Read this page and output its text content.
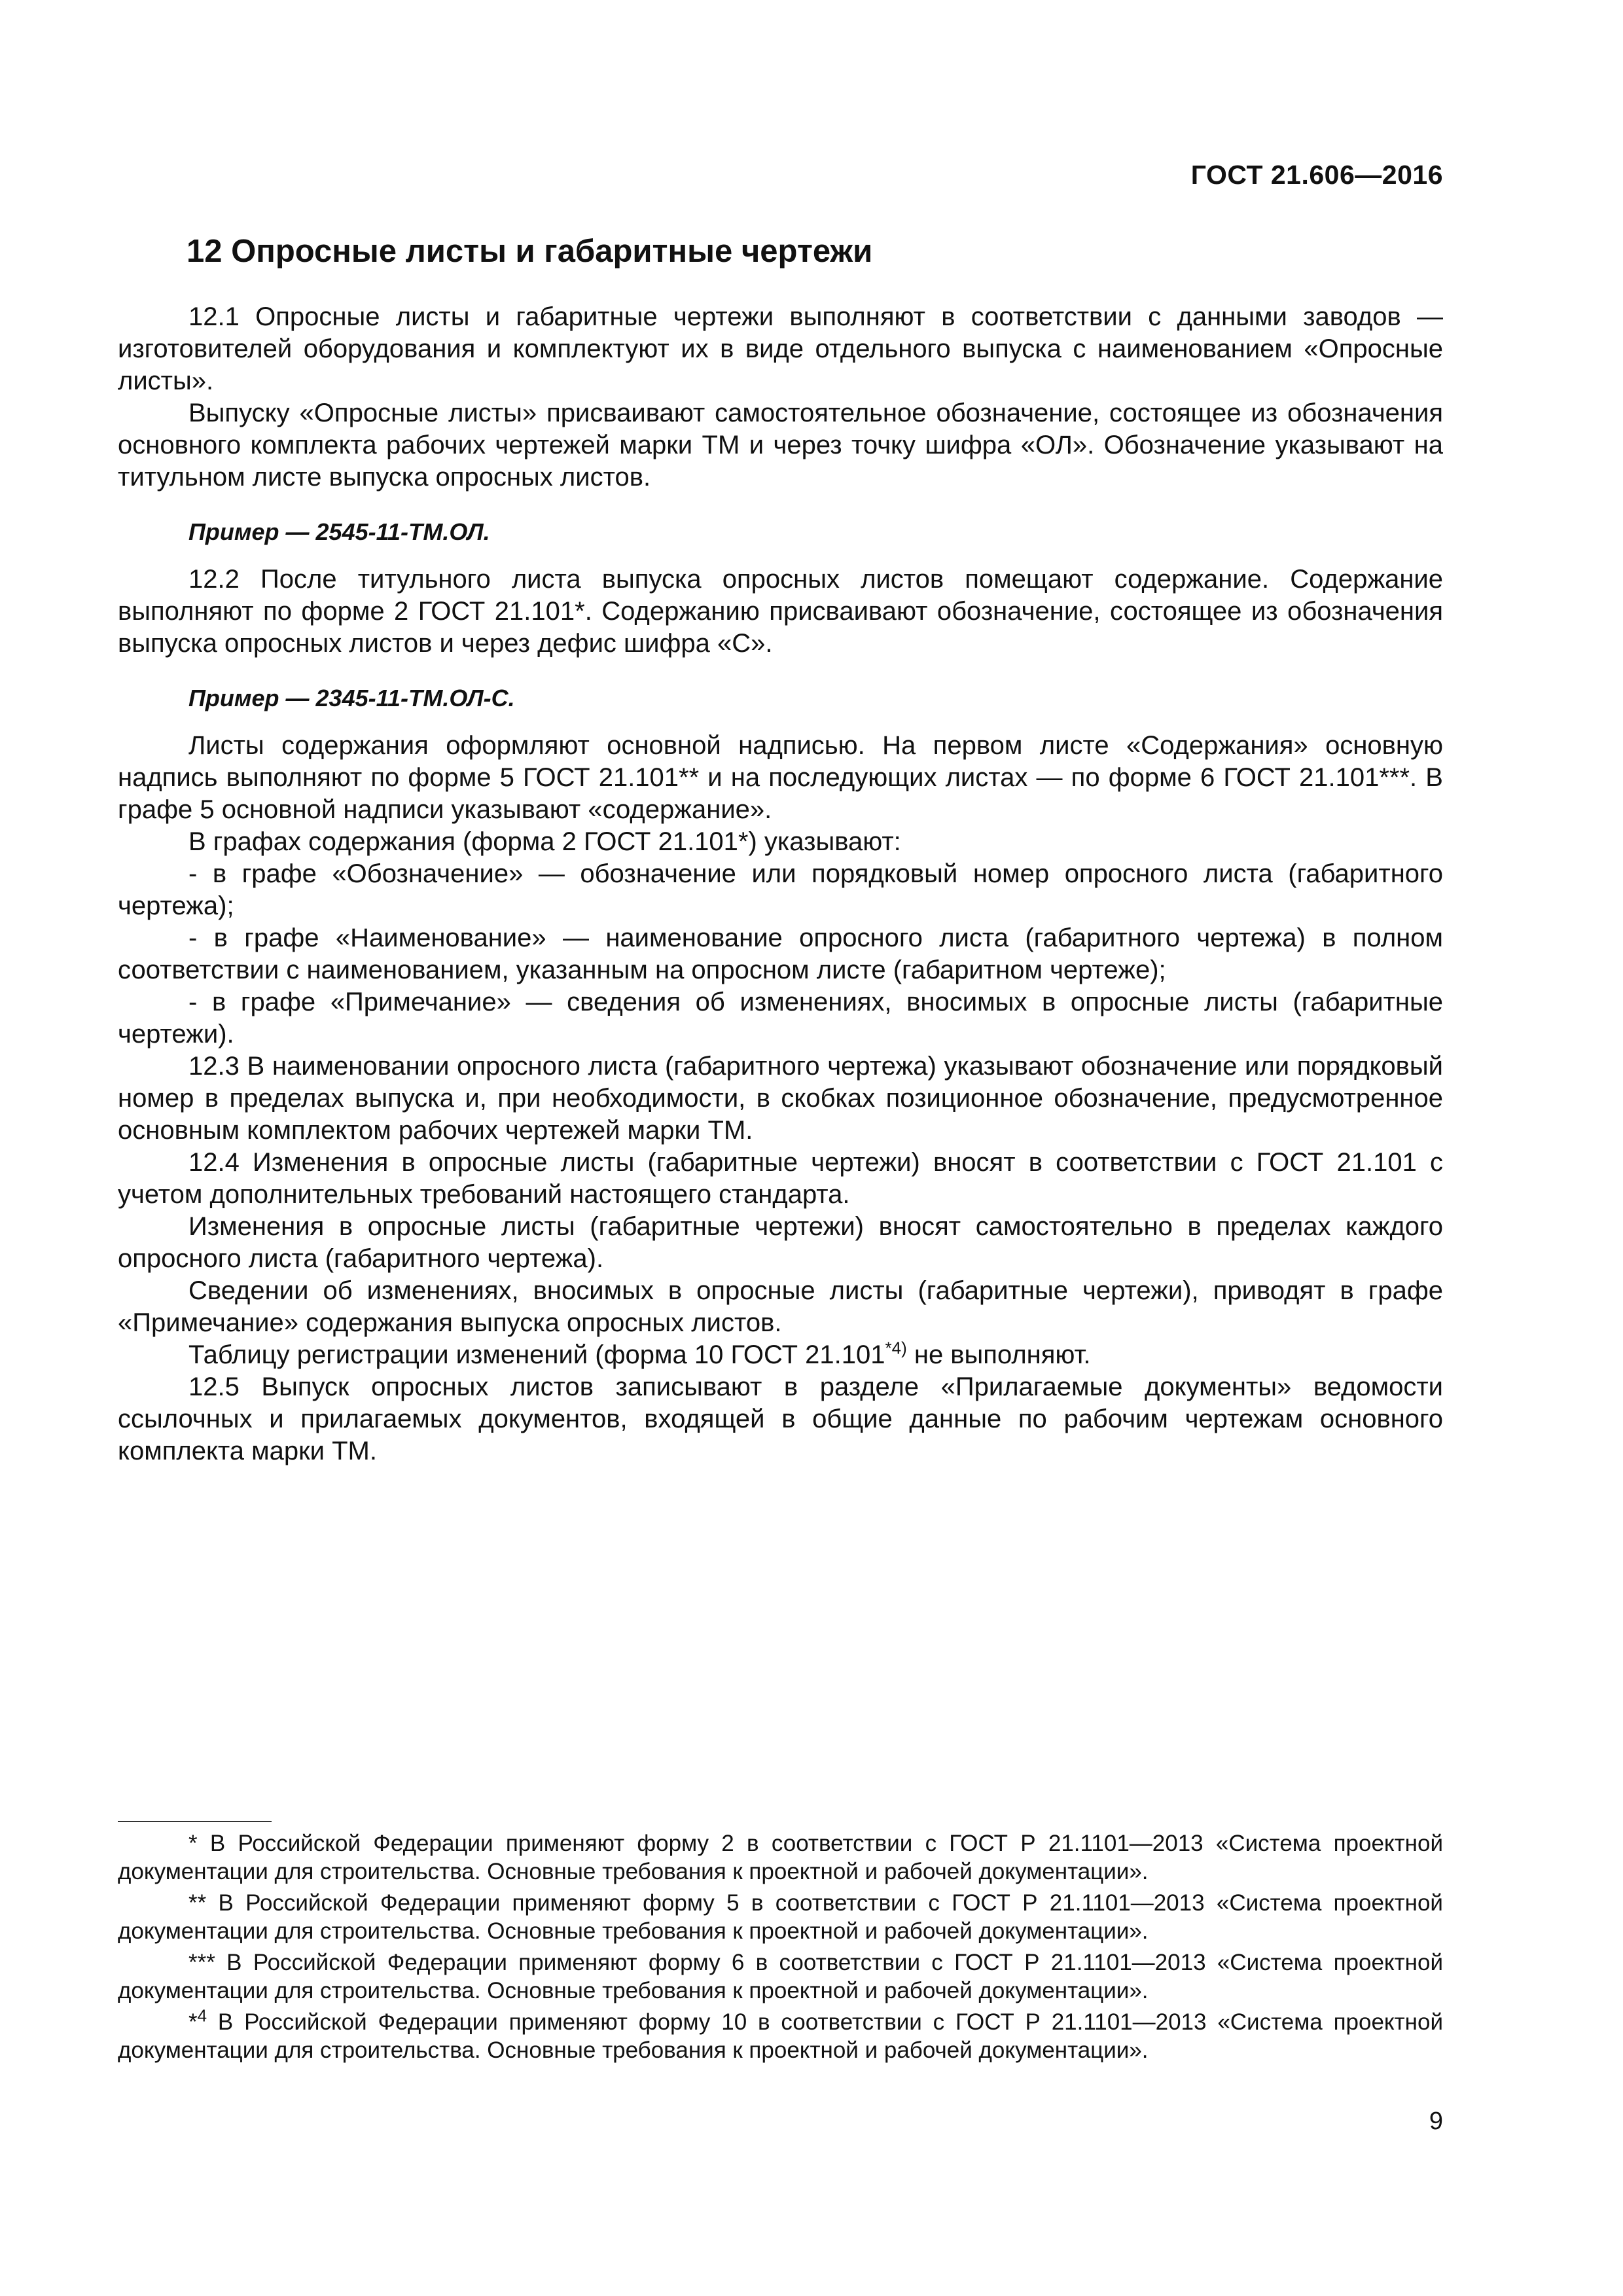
ГОСТ 21.606—2016
12 Опросные листы и габаритные чертежи

12.1 Опросные листы и габаритные чертежи выполняют в соответствии с данными заводов — изготовителей оборудования и комплектуют их в виде отдельного выпуска с наименованием «Опросные листы».

Выпуску «Опросные листы» присваивают самостоятельное обозначение, состоящее из обозначения основного комплекта рабочих чертежей марки ТМ и через точку шифра «ОЛ». Обозначение указывают на титульном листе выпуска опросных листов.

Пример — 2545-11-ТМ.ОЛ.

12.2 После титульного листа выпуска опросных листов помещают содержание. Содержание выполняют по форме 2 ГОСТ 21.101*. Содержанию присваивают обозначение, состоящее из обозначения выпуска опросных листов и через дефис шифра «С».

Пример — 2345-11-ТМ.ОЛ-С.

Листы содержания оформляют основной надписью. На первом листе «Содержания» основную надпись выполняют по форме 5 ГОСТ 21.101** и на последующих листах — по форме 6 ГОСТ 21.101***. В графе 5 основной надписи указывают «содержание».

В графах содержания (форма 2 ГОСТ 21.101*) указывают:

- в графе «Обозначение» — обозначение или порядковый номер опросного листа (габаритного чертежа);

- в графе «Наименование» — наименование опросного листа (габаритного чертежа) в полном соответствии с наименованием, указанным на опросном листе (габаритном чертеже);

- в графе «Примечание» — сведения об изменениях, вносимых в опросные листы (габаритные чертежи).

12.3 В наименовании опросного листа (габаритного чертежа) указывают обозначение или порядковый номер в пределах выпуска и, при необходимости, в скобках позиционное обозначение, предусмотренное основным комплектом рабочих чертежей марки ТМ.

12.4 Изменения в опросные листы (габаритные чертежи) вносят в соответствии с ГОСТ 21.101 с учетом дополнительных требований настоящего стандарта.

Изменения в опросные листы (габаритные чертежи) вносят самостоятельно в пределах каждого опросного листа (габаритного чертежа).

Сведении об изменениях, вносимых в опросные листы (габаритные чертежи), приводят в графе «Примечание» содержания выпуска опросных листов.

Таблицу регистрации изменений (форма 10 ГОСТ 21.101$^{*4)}$ не выполняют.

12.5 Выпуск опросных листов записывают в разделе «Прилагаемые документы» ведомости ссылочных и прилагаемых документов, входящей в общие данные по рабочим чертежам основного комплекта марки ТМ.

* В Российской Федерации применяют форму 2 в соответствии с ГОСТ Р 21.1101—2013 «Система проектной документации для строительства. Основные требования к проектной и рабочей документации».

** В Российской Федерации применяют форму 5 в соответствии с ГОСТ Р 21.1101—2013 «Система проектной документации для строительства. Основные требования к проектной и рабочей документации».

*** В Российской Федерации применяют форму 6 в соответствии с ГОСТ Р 21.1101—2013 «Система проектной документации для строительства. Основные требования к проектной и рабочей документации».

*$^4$ В Российской Федерации применяют форму 10 в соответствии с ГОСТ Р 21.1101—2013 «Система проектной документации для строительства. Основные требования к проектной и рабочей документации».

9
